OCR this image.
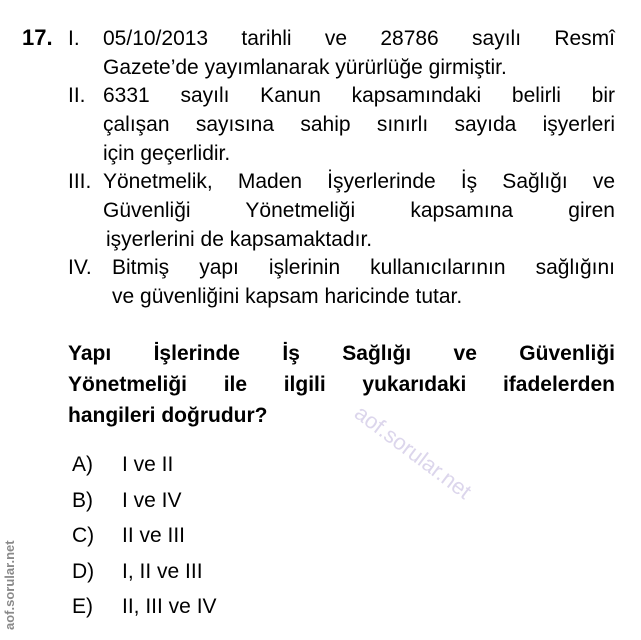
17. I. 05/10/2013 tarihli ve 28786 sayılı Resmî
Gazete’de yayımlanarak yürürlüğe girmiştir.
II. 6331 sayılı Kanun kapsamındaki belirli bir
çalışan sayısına sahip sınırlı sayıda işyerleri
için geçerlidir.
III. Yönetmelik, Maden İşyerlerinde İş Sağlığı ve
Güvenliği Yönetmeliği kapsamına giren
işyerlerini de kapsamaktadır.
IV. Bitmiş yapı işlerinin kullanıcılarının sağlığını
ve güvenliğini kapsam haricinde tutar.
Yapı İşlerinde İş Sağlığı ve Güvenliği
Yönetmeliği ile ilgili yukarıdaki ifadelerden
hangileri doğrudur?
A)	I ve II
B)	I ve IV
C)	II ve III
D)	I, II ve III
E)	II, III ve IV
aof.sorular.net
aof.sorular.net
